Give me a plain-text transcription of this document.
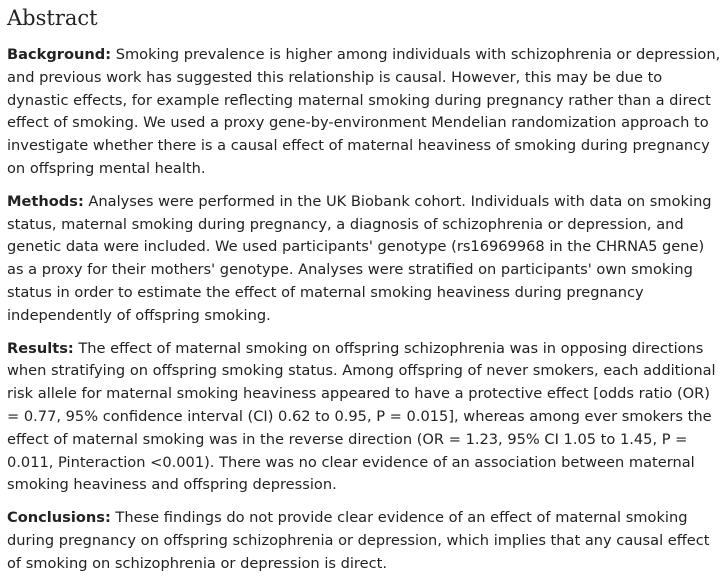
Abstract

Background: Smoking prevalence is higher among individuals with schizophrenia or depression, and previous work has suggested this relationship is causal. However, this may be due to dynastic effects, for example reflecting maternal smoking during pregnancy rather than a direct effect of smoking. We used a proxy gene-by-environment Mendelian randomization approach to investigate whether there is a causal effect of maternal heaviness of smoking during pregnancy on offspring mental health.

Methods: Analyses were performed in the UK Biobank cohort. Individuals with data on smoking status, maternal smoking during pregnancy, a diagnosis of schizophrenia or depression, and genetic data were included. We used participants' genotype (rs16969968 in the CHRNA5 gene) as a proxy for their mothers' genotype. Analyses were stratified on participants' own smoking status in order to estimate the effect of maternal smoking heaviness during pregnancy independently of offspring smoking.

Results: The effect of maternal smoking on offspring schizophrenia was in opposing directions when stratifying on offspring smoking status. Among offspring of never smokers, each additional risk allele for maternal smoking heaviness appeared to have a protective effect [odds ratio (OR) = 0.77, 95% confidence interval (CI) 0.62 to 0.95, P = 0.015], whereas among ever smokers the effect of maternal smoking was in the reverse direction (OR = 1.23, 95% CI 1.05 to 1.45, P = 0.011, Pinteraction <0.001). There was no clear evidence of an association between maternal smoking heaviness and offspring depression.

Conclusions: These findings do not provide clear evidence of an effect of maternal smoking during pregnancy on offspring schizophrenia or depression, which implies that any causal effect of smoking on schizophrenia or depression is direct.
